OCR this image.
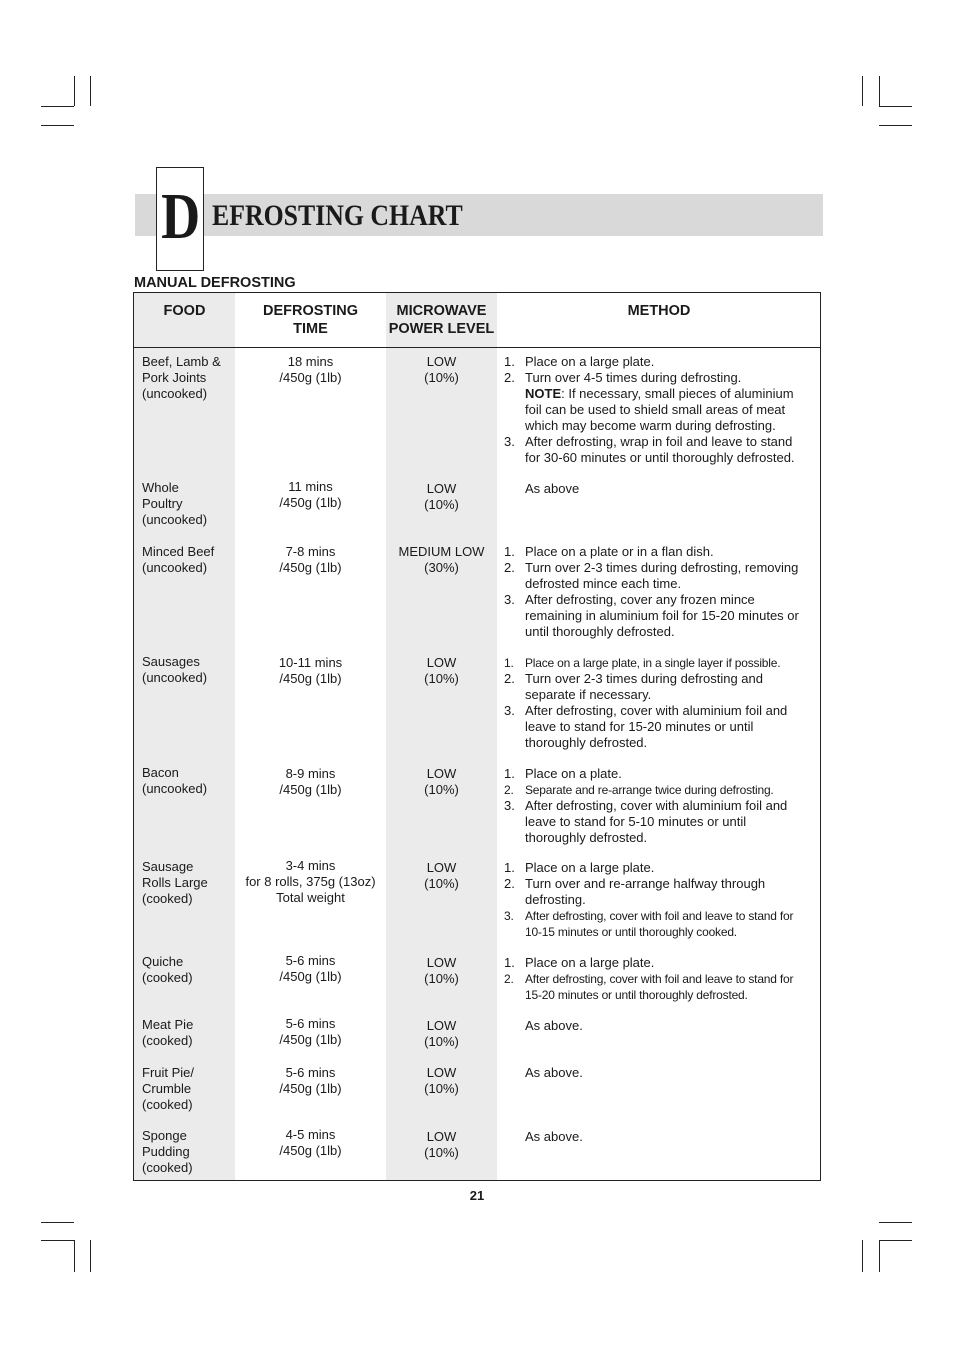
D EFROSTING CHART
MANUAL DEFROSTING
FOOD	DEFROSTING
TIME
MICROWAVE
POWER LEVEL
METHOD
Beef, Lamb &
Pork Joints
(uncooked)
18 mins
/450g (1lb)
LOW
(10%)
1. Place on a large plate.
2. Turn over 4-5 times during defrosting.
NOTE: If necessary, small pieces of aluminium
foil can be used to shield small areas of meat
which may become warm during defrosting.
3. After defrosting, wrap in foil and leave to stand
for 30-60 minutes or until thoroughly defrosted.
Whole
Poultry
(uncooked)
11 mins
/450g (1lb)
LOW
(10%)
As above
Minced Beef
(uncooked)
7-8 mins
/450g (1lb)
MEDIUM LOW
(30%)
1. Place on a plate or in a flan dish.
2. Turn over 2-3 times during defrosting, removing
defrosted mince each time.
3. After defrosting, cover any frozen mince
remaining in aluminium foil for 15-20 minutes or
until thoroughly defrosted.
Sausages
(uncooked)
10-11 mins
/450g (1lb)
LOW
(10%)
1. Place on a large plate, in a single layer if possible.
2. Turn over 2-3 times during defrosting and
separate if necessary.
3. After defrosting, cover with aluminium foil and
leave to stand for 15-20 minutes or until
thoroughly defrosted.
Bacon
(uncooked)
8-9 mins
/450g (1lb)
LOW
(10%)
1. Place on a plate.
2. Separate and re-arrange twice during defrosting.
3. After defrosting, cover with aluminium foil and
leave to stand for 5-10 minutes or until
thoroughly defrosted.
Sausage
Rolls Large
(cooked)
3-4 mins
for 8 rolls, 375g (13oz)
Total weight
LOW
(10%)
1. Place on a large plate.
2. Turn over and re-arrange halfway through
defrosting.
3. After defrosting, cover with foil and leave to stand for
10-15 minutes or until thoroughly cooked.
Quiche
(cooked)
5-6 mins
/450g (1lb)
LOW
(10%)
1. Place on a large plate.
2. After defrosting, cover with foil and leave to stand for
15-20 minutes or until thoroughly defrosted.
Meat Pie
(cooked)
5-6 mins
/450g (1lb)
LOW
(10%)
As above.
Fruit Pie/
Crumble
(cooked)
5-6 mins
/450g (1lb)
LOW
(10%)
As above.
Sponge
Pudding
(cooked)
4-5 mins
/450g (1lb)
LOW
(10%)
As above.
21
